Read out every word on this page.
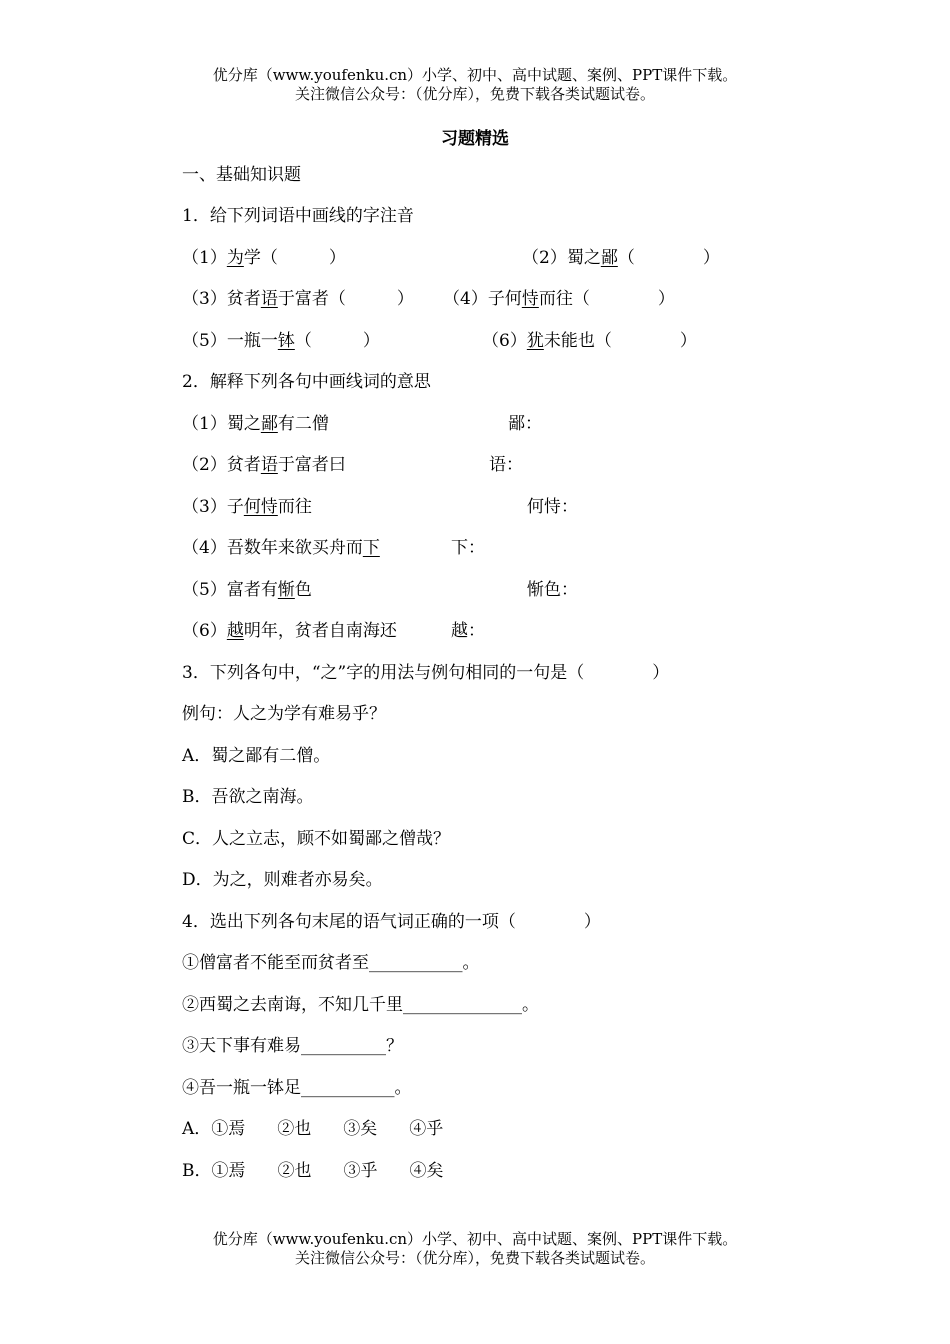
优分库（www.youfenku.cn）小学、初中、高中试题、案例、PPT课件下载。
关注微信公众号：（优分库），免费下载各类试题试卷。
习题精选
一、基础知识题
1．给下列词语中画线的字注音
（1）为学（　　　）	（2）蜀之鄙（　　　　）
（3）贫者语于富者（　　　） （4）子何恃而往（　　　　）
（5）一瓶一钵（　　　）	（6）犹未能也（　　　　）
2．解释下列各句中画线词的意思
（1）蜀之鄙有二僧	鄙：
（2）贫者语于富者曰	语：
（3）子何恃而往	何恃：
（4）吾数年来欲买舟而下	下：
（5）富者有惭色	惭色：
（6）越明年，贫者自南海还	越：
3．下列各句中，“之”字的用法与例句相同的一句是（　　　　）
例句：人之为学有难易乎？
A．蜀之鄙有二僧。
B．吾欲之南海。
C．人之立志，顾不如蜀鄙之僧哉？
D．为之，则难者亦易矣。
4．选出下列各句末尾的语气词正确的一项（　　　　）
①僧富者不能至而贫者至___________。
②西蜀之去南诲，不知几千里______________。
③天下事有难易__________？
④吾一瓶一钵足___________。
A．①焉 ②也 ③矣 ④乎
B．①焉 ②也 ③乎 ④矣
优分库（www.youfenku.cn）小学、初中、高中试题、案例、PPT课件下载。
关注微信公众号：（优分库），免费下载各类试题试卷。
